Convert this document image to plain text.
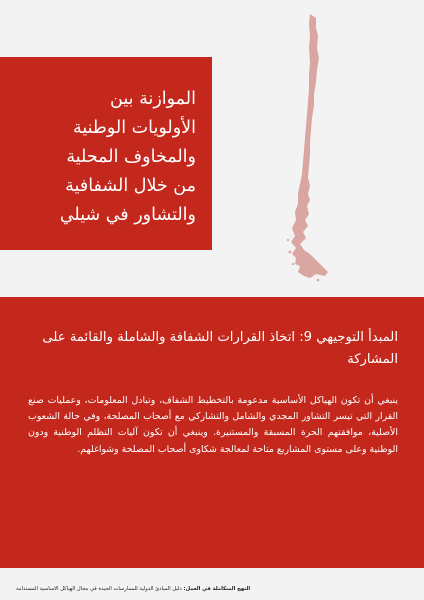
الموازنة بين
الأولويات الوطنية
والمخاوف المحلية
من خلال الشفافية
والتشاور في شيلي
المبدأ التوجيهي 9: اتخاذ القرارات الشفافة والشاملة والقائمة على المشاركة

ينبغي أن تكون الهياكل الأساسية مدعومة بالتخطيط الشفاف، وتبادل المعلومات، وعمليات صنع القرار التي تيسر التشاور المجدي والشامل والتشاركي مع أصحاب المصلحة، وفي حالة الشعوب الأصلية، موافقتهم الحرة المسبقة والمستنيرة. وينبغي أن تكون آليات التظلم الوطنية ودون الوطنية وعلى مستوى المشاريع متاحة لمعالجة شكاوى أصحاب المصلحة وشواغلهم.

النهج المتكاملة في العمل: دليل المبادئ الدولية للممارسات الجيدة في مجال الهياكل الأساسية المستدامة
